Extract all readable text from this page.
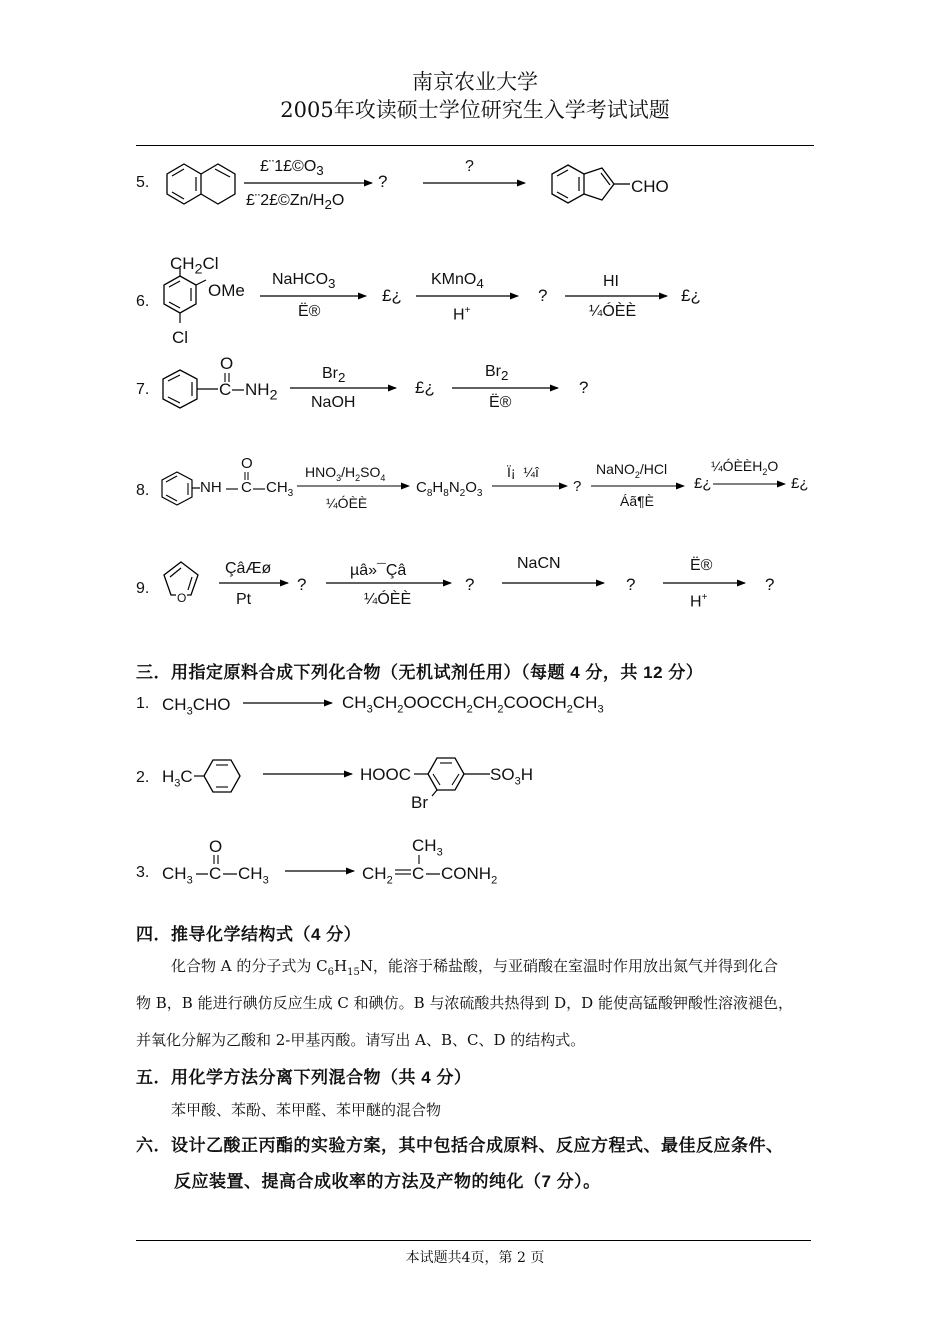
南京农业大学
2005年攻读硕士学位研究生入学考试试题
5.
$£¨1£©O_3$
$£¨2£©Zn/H_2O$
?
?
CHO
6.
$CH_2Cl$
OMe
Cl
NaHCO$_3$
Ë®
£¿
KMnO$_4$
H+
?
HI
¼ÓÈÈ
£¿
7.
O
C $NH_2$
$Br_2$
NaOH
£¿
$Br_2$
Ë®
?
8.	NH
O
C $CH_3$
$HNO_3/H_2SO_4$
¼ÓÈÈ
$C_8H_8N_2O_3$
Ï¡  ¼î
?
NaNO$_2$/HCl
Áã¶È
£¿
$\frac{1}{4}ÓÈÈH_2O$
£¿
9.
O
ÇâÆø
Pt
?
µâ»¯Çâ
¼ÓÈÈ
?
NaCN
?
Ë®
H+
?
三．用指定原料合成下列化合物（无机试剂任用）（每题 4 分，共 12 分）
1. $CH_3CHO$	$CH_3CH_2OOCCH_2CH_2COOCH_2CH_3$
2. $H_3C$	HOOC	$SO_3H$
Br
3. $CH_3$
O
C $CH_3$
$CH_3$
$CH_2$ C $CONH_2$
四．推导化学结构式（4 分）
化合物 A 的分子式为 $C_6H_{15}N$，能溶于稀盐酸，与亚硝酸在室温时作用放出氮气并得到化合
物 B，B 能进行碘仿反应生成 C 和碘仿。B 与浓硫酸共热得到 D，D 能使高锰酸钾酸性溶液褪色，
并氧化分解为乙酸和 2-甲基丙酸。请写出 A、B、C、D 的结构式。
五．用化学方法分离下列混合物（共 4 分）
苯甲酸、苯酚、苯甲醛、苯甲醚的混合物
六．设计乙酸正丙酯的实验方案，其中包括合成原料、反应方程式、最佳反应条件、
反应装置、提高合成收率的方法及产物的纯化（7 分）。
本试题共4页，第 2 页
